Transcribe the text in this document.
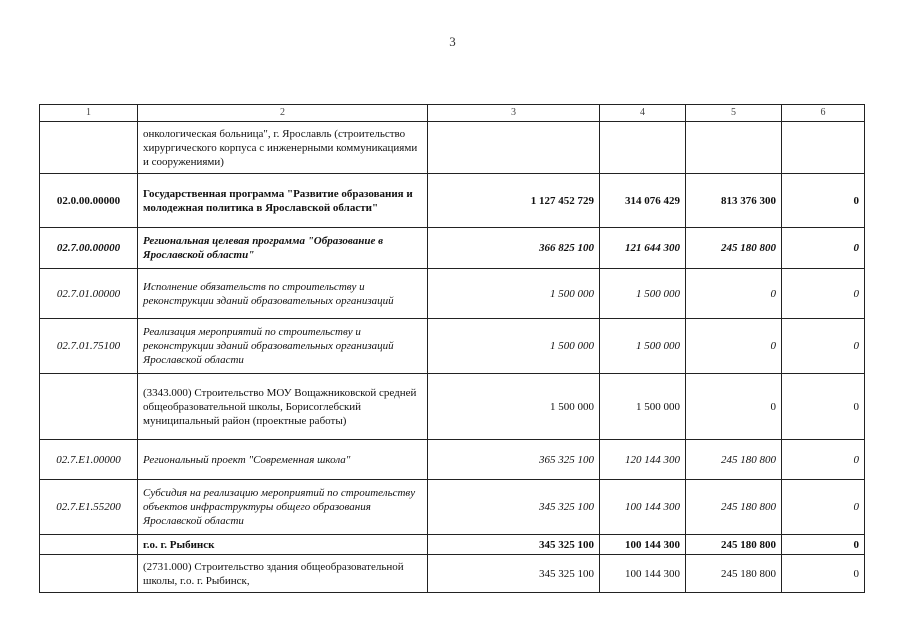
3
1	2	3	4	5	6
	онкологическая больница", г. Ярославль (строительство хирургического корпуса с инженерными коммуникациями и сооружениями)				
02.0.00.00000	Государственная программа "Развитие образования и молодежная политика в Ярославской области"	1 127 452 729	314 076 429	813 376 300	0
02.7.00.00000	Региональная целевая программа "Образование в Ярославской области"	366 825 100	121 644 300	245 180 800	0
02.7.01.00000	Исполнение обязательств по строительству и реконструкции зданий образовательных организаций	1 500 000	1 500 000	0	0
02.7.01.75100	Реализация мероприятий по строительству и реконструкции зданий образовательных организаций Ярославской области	1 500 000	1 500 000	0	0
	(3343.000) Строительство МОУ Вощажниковской средней общеобразовательной школы, Борисоглебский муниципальный район (проектные работы)	1 500 000	1 500 000	0	0
02.7.E1.00000	Региональный проект "Современная школа"	365 325 100	120 144 300	245 180 800	0
02.7.E1.55200	Субсидия на реализацию мероприятий по строительству объектов инфраструктуры общего образования Ярославской области	345 325 100	100 144 300	245 180 800	0
	г.о. г. Рыбинск	345 325 100	100 144 300	245 180 800	0
	(2731.000) Строительство здания общеобразовательной школы, г.о. г. Рыбинск,	345 325 100	100 144 300	245 180 800	0
